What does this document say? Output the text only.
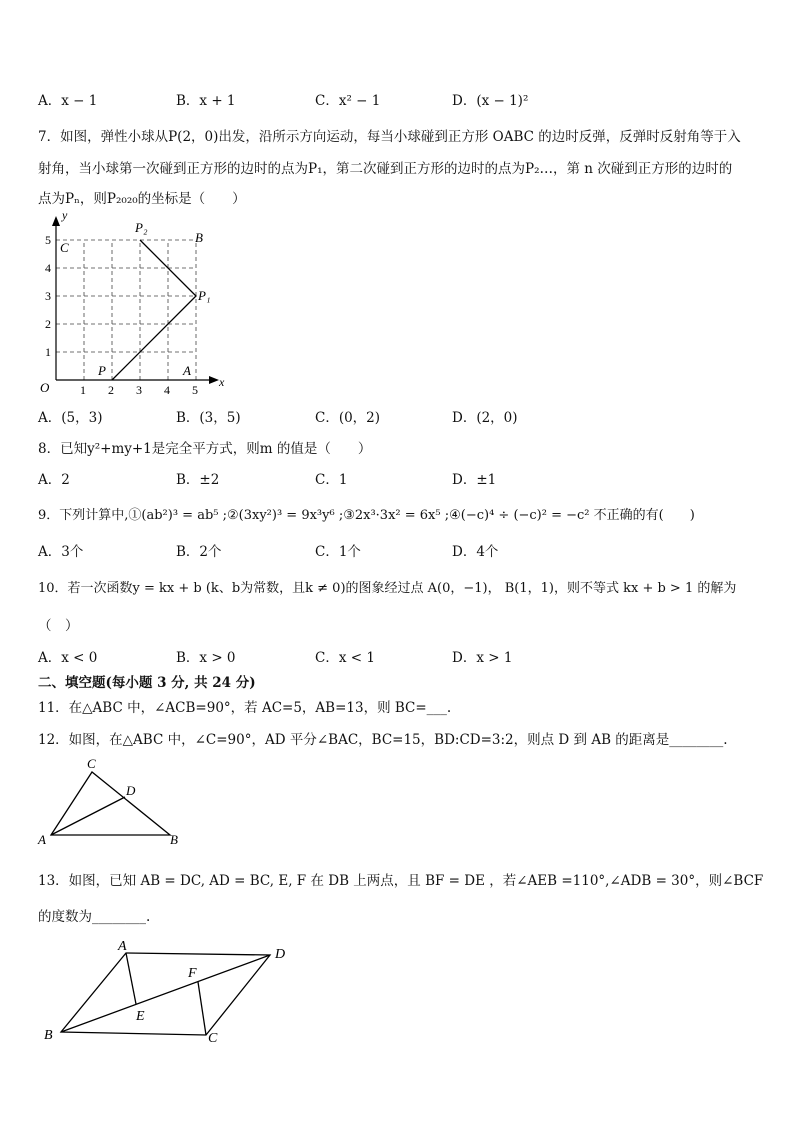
A．x − 1	B．x + 1	C．x² − 1	D．(x − 1)²
7．如图，弹性小球从P(2，0)出发，沿所示方向运动，每当小球碰到正方形 OABC 的边时反弹，反弹时反射角等于入
射角，当小球第一次碰到正方形的边时的点为P₁，第二次碰到正方形的边时的点为P₂…，第 n 次碰到正方形的边时的
点为Pₙ，则P₂₀₂₀的坐标是（　　）
y
x
O	1 2 3 4 5
1
2
3
4
5 C
B
A
P
P₁
P₂
A．(5，3)	B．(3，5)	C．(0，2)	D．(2，0)
8．已知y²+my+1是完全平方式，则m 的值是（　　）
A．2	B．±2	C．1	D．±1
9．下列计算中,①(ab²)³ = ab⁵ ;②(3xy²)³ = 9x³y⁶ ;③2x³·3x² = 6x⁵ ;④(−c)⁴ ÷ (−c)² = −c² 不正确的有(　　)
A．3个	B．2个	C．1个	D．4个
10．若一次函数y = kx + b (k、b为常数，且k ≠ 0)的图象经过点 A(0，−1)， B(1，1)，则不等式 kx + b > 1 的解为
（　）
A．x < 0	B．x > 0	C．x < 1	D．x > 1
二、填空题(每小题 3 分, 共 24 分)
11．在△ABC 中，∠ACB=90°，若 AC=5，AB=13，则 BC=___.
12．如图，在△ABC 中，∠C=90°，AD 平分∠BAC，BC=15，BD:CD=3:2，则点 D 到 AB 的距离是________.
C
D
A	B
13．如图，已知 AB = DC, AD = BC, E, F 在 DB 上两点，且 BF = DE ，若∠AEB =110°,∠ADB = 30°，则∠BCF
的度数为________.
A
D
F
E
B	C
